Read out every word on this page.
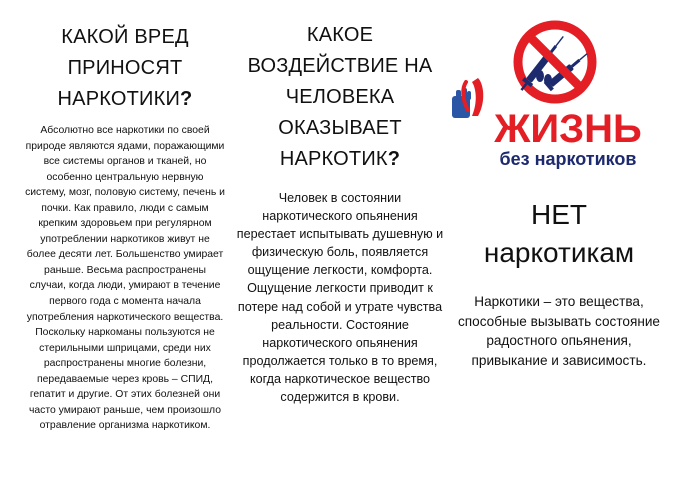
КАКОЙ ВРЕД
ПРИНОСЯТ
НАРКОТИКИ?

Абсолютно все наркотики по своей природе являются ядами, поражающими все системы органов и тканей, но особенно центральную нервную систему, мозг, половую систему, печень и почки. Как правило, люди с самым крепким здоровьем при регулярном употреблении наркотиков живут не более десяти лет. Большенство умирает раньше. Весьма распространены случаи, когда люди, умирают в течение первого года с момента начала употребления наркотического вещества. Поскольку наркоманы пользуются не стерильными шприцами, среди них распространены многие болезни, передаваемые через кровь – СПИД, гепатит и другие. От этих болезней они часто умирают раньше, чем произошло отравление организма наркотиком.

КАКОЕ
ВОЗДЕЙСТВИЕ НА
ЧЕЛОВЕКА
ОКАЗЫВАЕТ
НАРКОТИК?

Человек в состоянии наркотического опьянения перестает испытывать душевную и физическую боль, появляется ощущение легкости, комфорта. Ощущение легкости приводит к потере над собой и утрате чувства реальности. Состояние наркотического опьянения продолжается только в то время, когда наркотическое вещество содержится в крови.

ЖИЗНЬ
без наркотиков
НЕТ
наркотикам

Наркотики – это вещества, способные вызывать состояние радостного опьянения, привыкание и зависимость.
